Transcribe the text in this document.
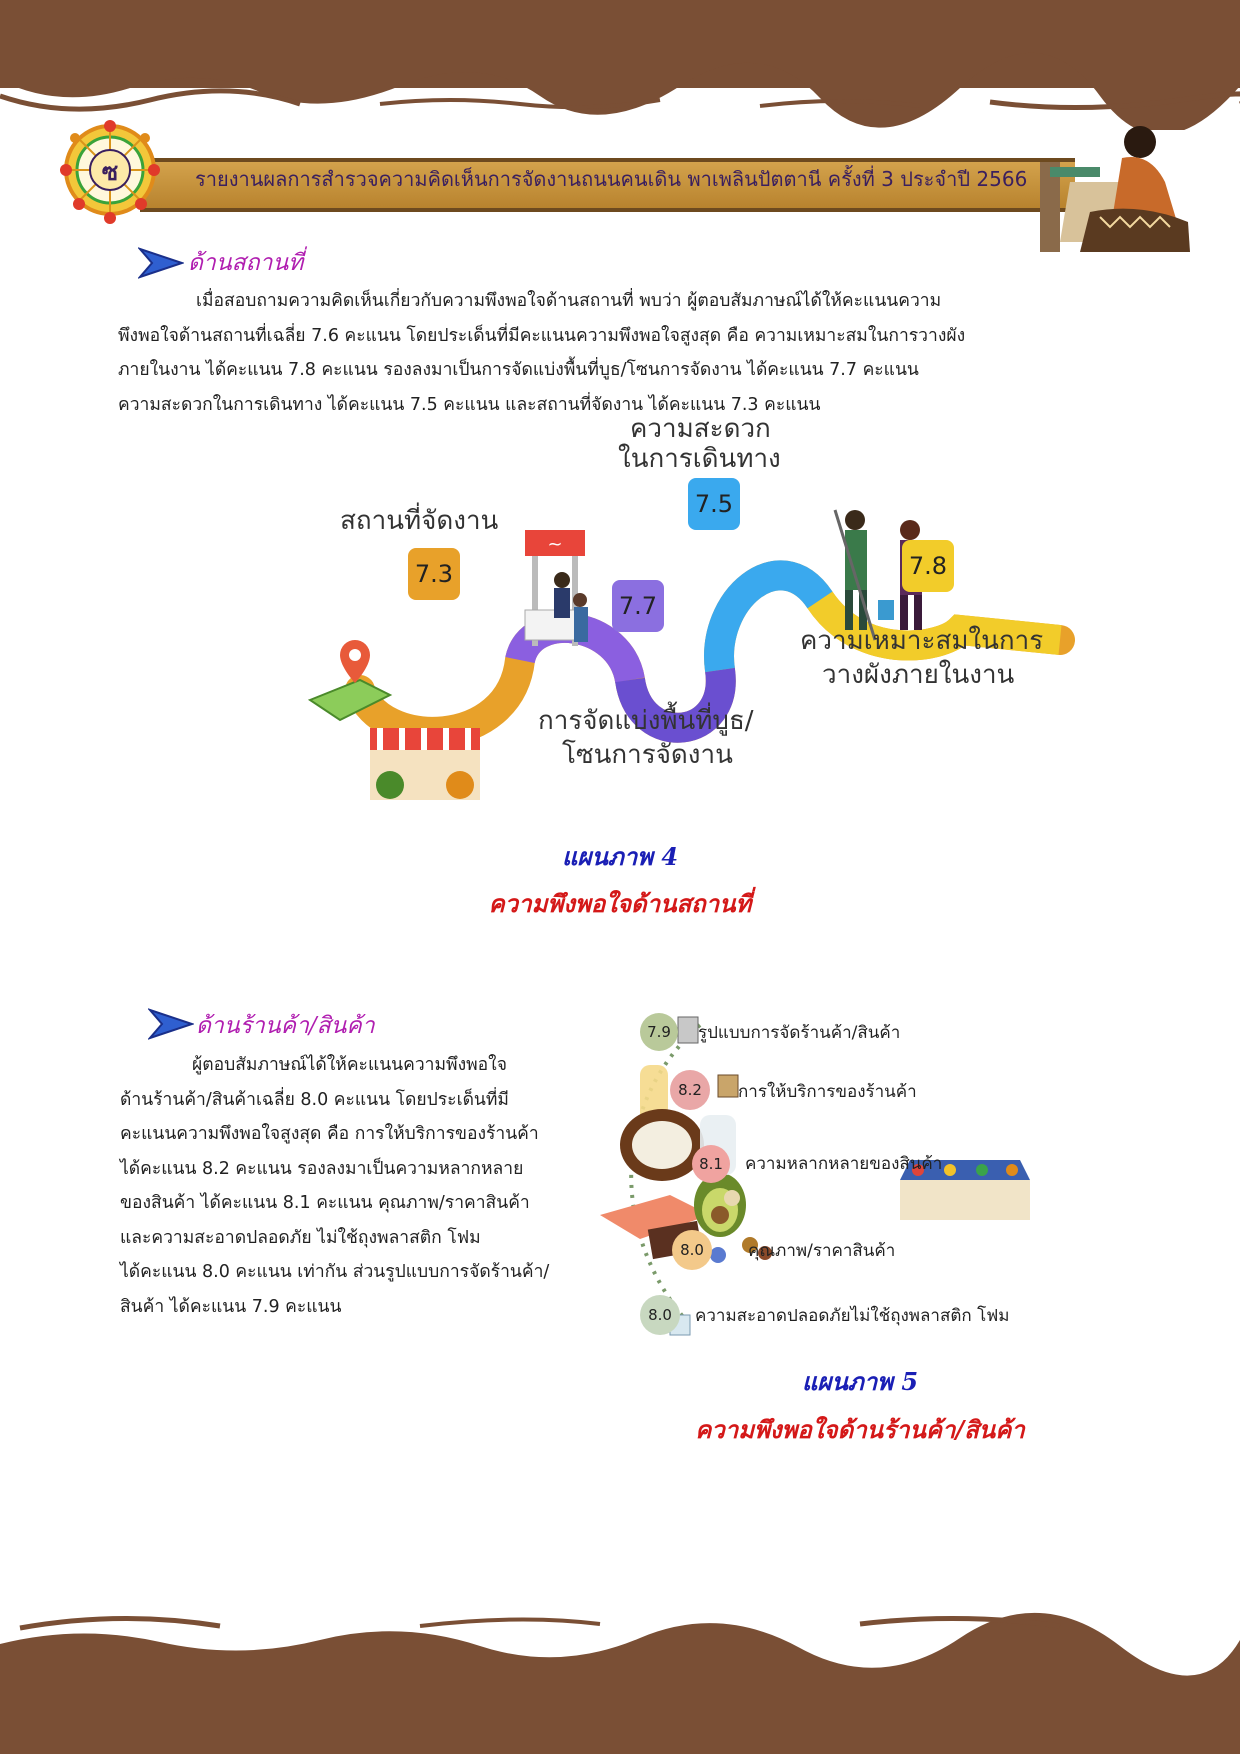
ซ	รายงานผลการสำรวจความคิดเห็นการจัดงานถนนคนเดิน พาเพลินปัตตานี ครั้งที่ 3 ประจำปี 2566
ด้านสถานที่

เมื่อสอบถามความคิดเห็นเกี่ยวกับความพึงพอใจด้านสถานที่ พบว่า ผู้ตอบสัมภาษณ์ได้ให้คะแนนความ

พึงพอใจด้านสถานที่เฉลี่ย 7.6 คะแนน โดยประเด็นที่มีคะแนนความพึงพอใจสูงสุด คือ ความเหมาะสมในการวางผัง

ภายในงาน ได้คะแนน 7.8 คะแนน รองลงมาเป็นการจัดแบ่งพื้นที่บูธ/โซนการจัดงาน ได้คะแนน 7.7 คะแนน

ความสะดวกในการเดินทาง ได้คะแนน 7.5 คะแนน และสถานที่จัดงาน ได้คะแนน 7.3 คะแนน

~
7.3
สถานที่จัดงาน
7.7
การจัดแบ่งพื้นที่บูธ/
โซนการจัดงาน
7.5
ความสะดวก
ในการเดินทาง
7.8
ความเหมาะสมในการ
วางผังภายในงาน
แผนภาพ 4
ความพึงพอใจด้านสถานที่
ด้านร้านค้า/สินค้า

ผู้ตอบสัมภาษณ์ได้ให้คะแนนความพึงพอใจ

ด้านร้านค้า/สินค้าเฉลี่ย 8.0 คะแนน โดยประเด็นที่มี

คะแนนความพึงพอใจสูงสุด คือ การให้บริการของร้านค้า

ได้คะแนน 8.2 คะแนน รองลงมาเป็นความหลากหลาย

ของสินค้า ได้คะแนน 8.1 คะแนน คุณภาพ/ราคาสินค้า

และความสะอาดปลอดภัย ไม่ใช้ถุงพลาสติก โฟม

ได้คะแนน 8.0 คะแนน เท่ากัน ส่วนรูปแบบการจัดร้านค้า/

สินค้า ได้คะแนน 7.9 คะแนน

7.9	รูปแบบการจัดร้านค้า/สินค้า
8.2	การให้บริการของร้านค้า
8.1	ความหลากหลายของสินค้า
8.0	คุณภาพ/ราคาสินค้า
8.0	ความสะอาดปลอดภัยไม่ใช้ถุงพลาสติก โฟม
แผนภาพ 5
ความพึงพอใจด้านร้านค้า/สินค้า
